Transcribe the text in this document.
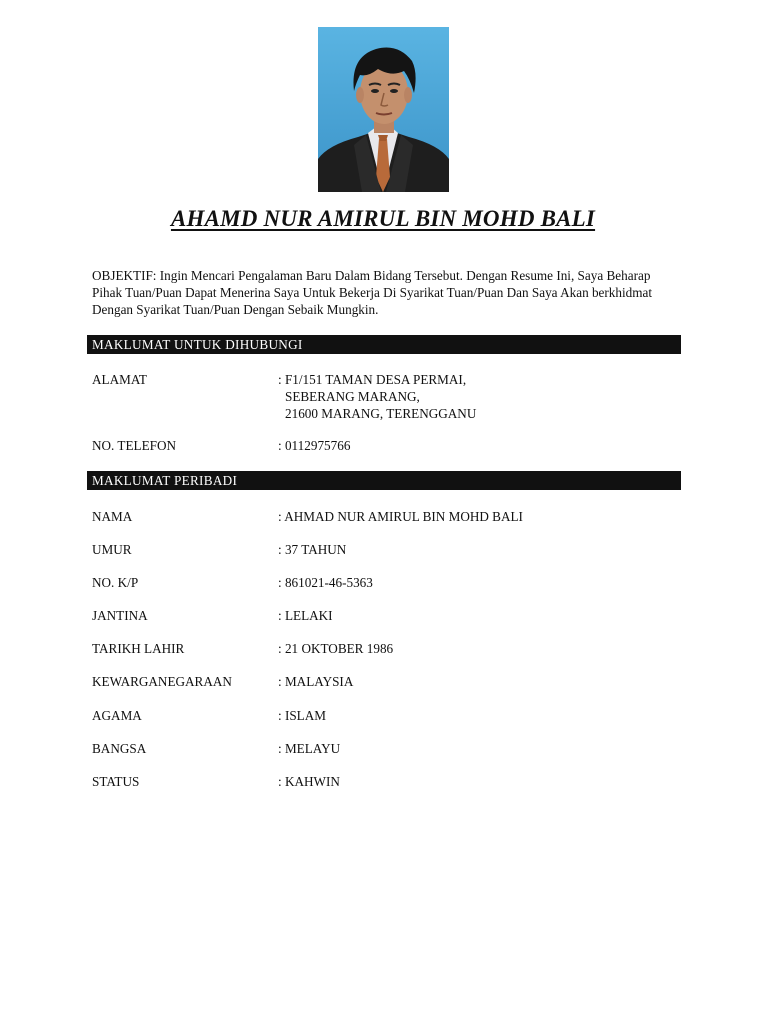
AHAMD NUR AMIRUL BIN MOHD BALI
OBJEKTIF: Ingin Mencari Pengalaman Baru Dalam Bidang Tersebut. Dengan Resume Ini, Saya Beharap Pihak Tuan/Puan Dapat Menerina Saya Untuk Bekerja Di Syarikat Tuan/Puan Dan Saya Akan berkhidmat Dengan Syarikat Tuan/Puan Dengan Sebaik Mungkin.
MAKLUMAT UNTUK DIHUBUNGI
ALAMAT	: F1/151 TAMAN DESA PERMAI,
SEBERANG MARANG,
21600 MARANG, TERENGGANU
NO. TELEFON	: 0112975766
MAKLUMAT PERIBADI
NAMA	: AHMAD NUR AMIRUL BIN MOHD BALI
UMUR	: 37 TAHUN
NO. K/P	: 861021-46-5363
JANTINA	: LELAKI
TARIKH LAHIR	: 21 OKTOBER 1986
KEWARGANEGARAAN	: MALAYSIA
AGAMA	: ISLAM
BANGSA	: MELAYU
STATUS	: KAHWIN
